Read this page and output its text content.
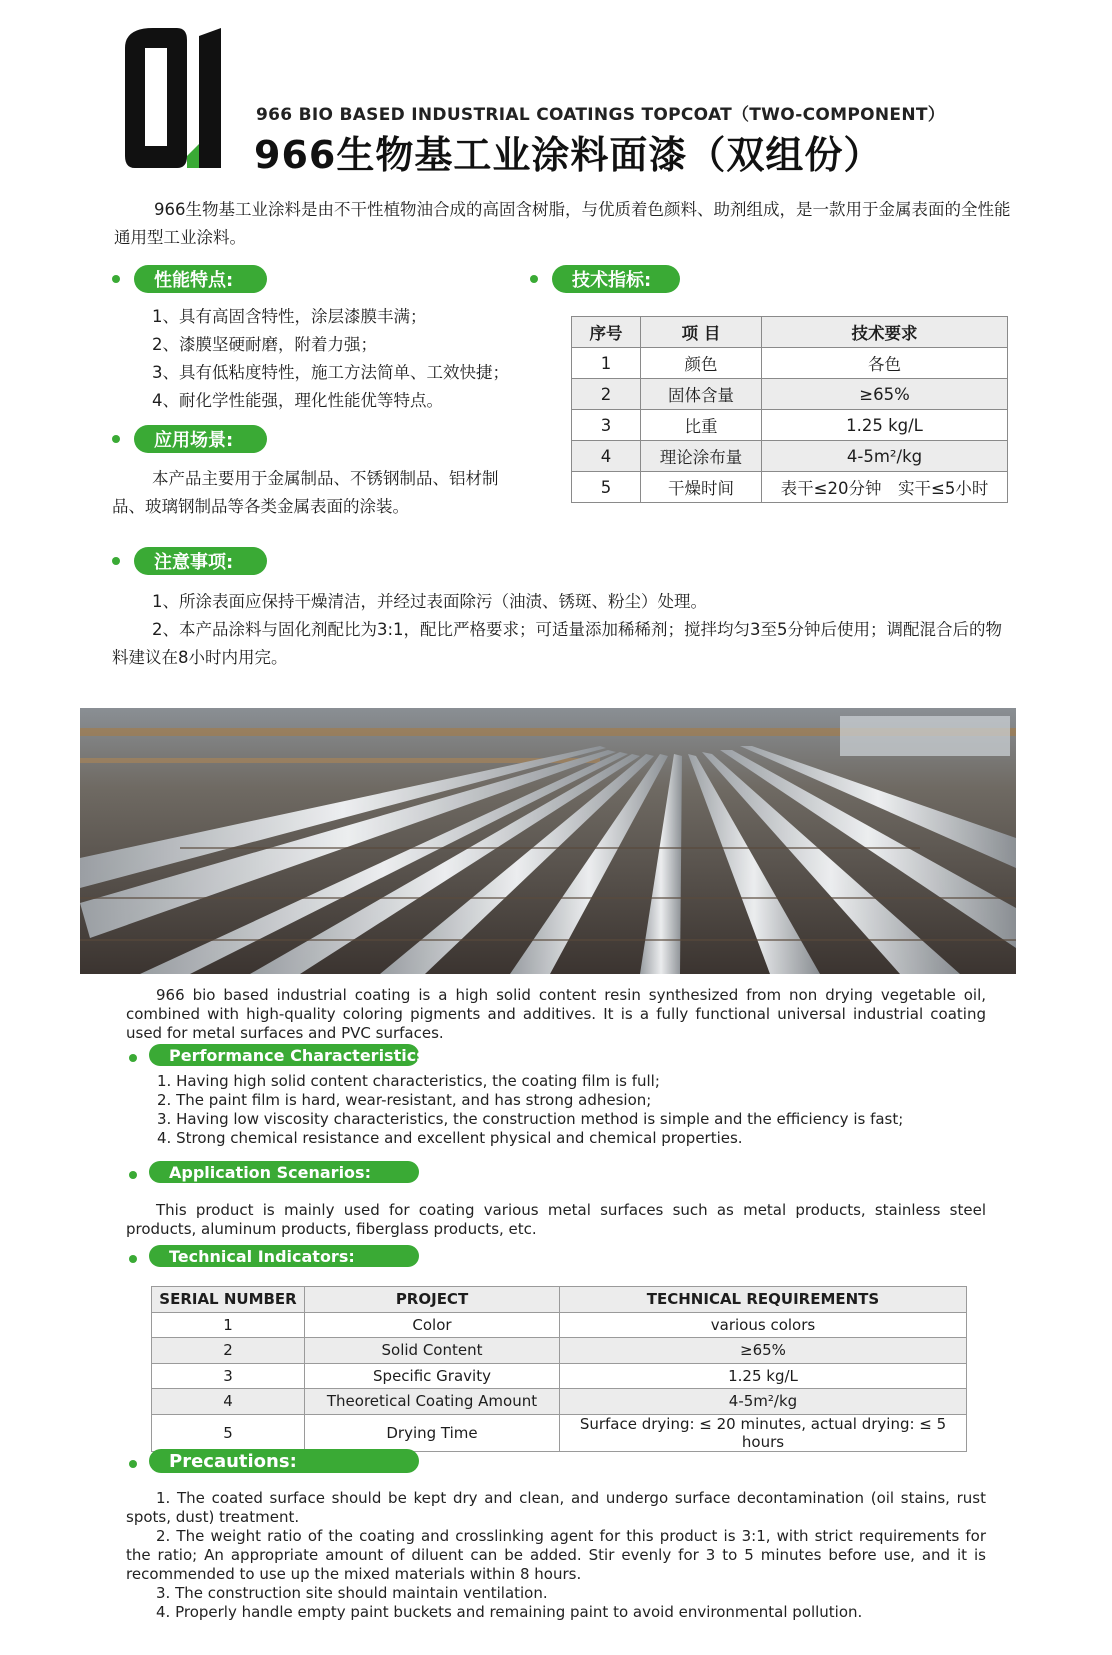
966 BIO BASED INDUSTRIAL COATINGS TOPCOAT（TWO-COMPONENT）
966生物基工业涂料面漆（双组份）
966生物基工业涂料是由不干性植物油合成的高固含树脂，与优质着色颜料、助剂组成，是一款用于金属表面的全性能通用型工业涂料。
性能特点:
1、具有高固含特性，涂层漆膜丰满；
2、漆膜坚硬耐磨，附着力强；
3、具有低粘度特性，施工方法简单、工效快捷；
4、耐化学性能强，理化性能优等特点。
应用场景:
本产品主要用于金属制品、不锈钢制品、铝材制品、玻璃钢制品等各类金属表面的涂装。
技术指标:
序号	项 目	技术要求
1	颜色	各色
2	固体含量	≥65%
3	比重	1.25 kg/L
4	理论涂布量	4-5m²/kg
5	干燥时间	表干≤20分钟　实干≤5小时
注意事项:
1、所涂表面应保持干燥清洁，并经过表面除污（油渍、锈斑、粉尘）处理。
2、本产品涂料与固化剂配比为3:1，配比严格要求；可适量添加稀稀剂；搅拌均匀3至5分钟后使用；调配混合后的物料建议在8小时内用完。
966 bio based industrial coating is a high solid content resin synthesized from non drying vegetable oil, combined with high-quality coloring pigments and additives. It is a fully functional universal industrial coating used for metal surfaces and PVC surfaces.
Performance Characteristics:
1. Having high solid content characteristics, the coating film is full;
2. The paint film is hard, wear-resistant, and has strong adhesion;
3. Having low viscosity characteristics, the construction method is simple and the efficiency is fast;
4. Strong chemical resistance and excellent physical and chemical properties.
Application Scenarios:
This product is mainly used for coating various metal surfaces such as metal products, stainless steel products, aluminum products, fiberglass products, etc.
Technical Indicators:
SERIAL NUMBER	PROJECT	TECHNICAL REQUIREMENTS
1	Color	various colors
2	Solid Content	≥65%
3	Specific Gravity	1.25 kg/L
4	Theoretical Coating Amount	4-5m²/kg
5	Drying Time	Surface drying: ≤ 20 minutes, actual drying: ≤ 5 hours
Precautions:
1. The coated surface should be kept dry and clean, and undergo surface decontamination (oil stains, rust spots, dust) treatment.
2. The weight ratio of the coating and crosslinking agent for this product is 3:1, with strict requirements for the ratio; An appropriate amount of diluent can be added. Stir evenly for 3 to 5 minutes before use, and it is recommended to use up the mixed materials within 8 hours.
3. The construction site should maintain ventilation.
4. Properly handle empty paint buckets and remaining paint to avoid environmental pollution.
